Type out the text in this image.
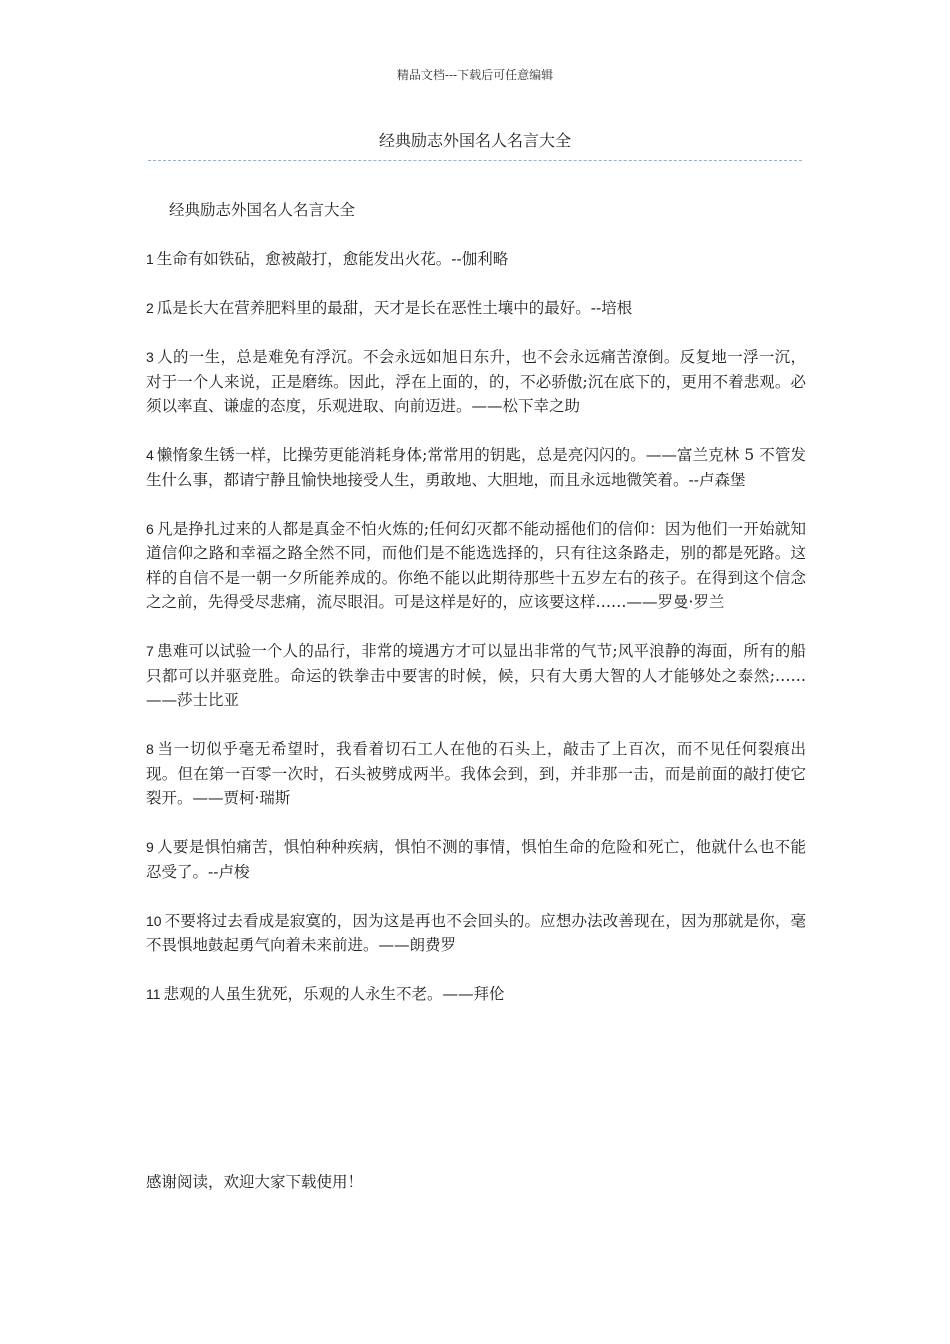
精品文档---下载后可任意编辑
经典励志外国名人名言大全

经典励志外国名人名言大全

1 生命有如铁砧，愈被敲打，愈能发出火花。--伽利略

2 瓜是长大在营养肥料里的最甜，天才是长在恶性土壤中的最好。--培根

3 人的一生，总是难免有浮沉。不会永远如旭日东升，也不会永远痛苦潦倒。反复地一浮一沉，对于一个人来说，正是磨练。因此，浮在上面的，的，不必骄傲;沉在底下的，更用不着悲观。必须以率直、谦虚的态度，乐观进取、向前迈进。——松下幸之助

4 懒惰象生锈一样，比操劳更能消耗身体;常常用的钥匙，总是亮闪闪的。——富兰克林 5 不管发生什么事，都请宁静且愉快地接受人生，勇敢地、大胆地，而且永远地微笑着。--卢森堡

6 凡是挣扎过来的人都是真金不怕火炼的;任何幻灭都不能动摇他们的信仰：因为他们一开始就知道信仰之路和幸福之路全然不同，而他们是不能选选择的，只有往这条路走，别的都是死路。这样的自信不是一朝一夕所能养成的。你绝不能以此期待那些十五岁左右的孩子。在得到这个信念之之前，先得受尽悲痛，流尽眼泪。可是这样是好的，应该要这样……——罗曼·罗兰

7 患难可以试验一个人的品行，非常的境遇方才可以显出非常的气节;风平浪静的海面，所有的船只都可以并驱竞胜。命运的铁拳击中要害的时候，候，只有大勇大智的人才能够处之泰然;……——莎士比亚

8 当一切似乎毫无希望时，我看着切石工人在他的石头上，敲击了上百次，而不见任何裂痕出现。但在第一百零一次时，石头被劈成两半。我体会到，到，并非那一击，而是前面的敲打使它裂开。——贾柯·瑞斯

9 人要是惧怕痛苦，惧怕种种疾病，惧怕不测的事情，惧怕生命的危险和死亡，他就什么也不能忍受了。--卢梭

10 不要将过去看成是寂寞的，因为这是再也不会回头的。应想办法改善现在，因为那就是你，毫不畏惧地鼓起勇气向着未来前进。——朗费罗

11 悲观的人虽生犹死，乐观的人永生不老。——拜伦

感谢阅读，欢迎大家下载使用！
